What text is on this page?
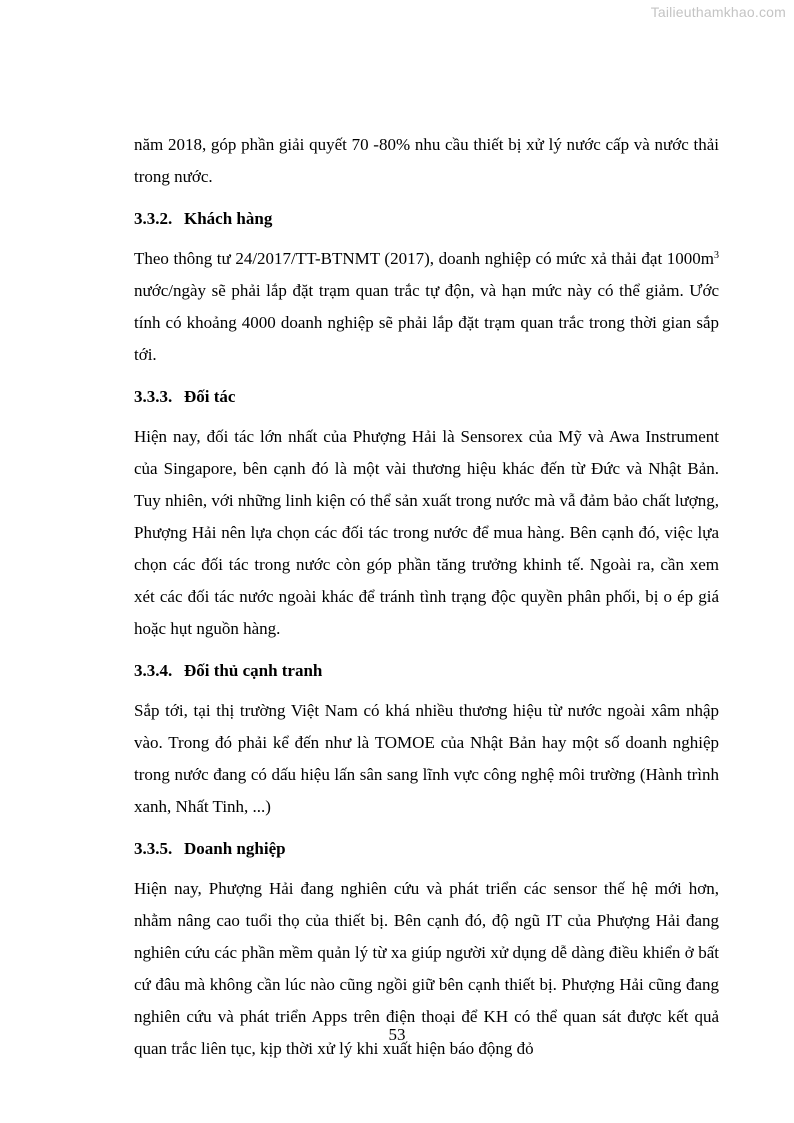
Tailieuthamkhao.com

năm 2018, góp phần giải quyết 70 -80% nhu cầu thiết bị xử lý nước cấp và nước thải trong nước.

3.3.2. Khách hàng

Theo thông tư 24/2017/TT-BTNMT (2017), doanh nghiệp có mức xả thải đạt $1000m^3$ nước/ngày sẽ phải lắp đặt trạm quan trắc tự độn, và hạn mức này có thể giảm. Ước tính có khoảng 4000 doanh nghiệp sẽ phải lắp đặt trạm quan trắc trong thời gian sắp tới.

3.3.3. Đối tác

Hiện nay, đối tác lớn nhất của Phượng Hải là Sensorex của Mỹ và Awa Instrument của Singapore, bên cạnh đó là một vài thương hiệu khác đến từ Đức và Nhật Bản. Tuy nhiên, với những linh kiện có thể sản xuất trong nước mà vẫ đảm bảo chất lượng, Phượng Hải nên lựa chọn các đối tác trong nước để mua hàng. Bên cạnh đó, việc lựa chọn các đối tác trong nước còn góp phần tăng trưởng khinh tế. Ngoài ra, cần xem xét các đối tác nước ngoài khác để tránh tình trạng độc quyền phân phối, bị o ép giá hoặc hụt nguồn hàng.

3.3.4. Đối thủ cạnh tranh

Sắp tới, tại thị trường Việt Nam có khá nhiều thương hiệu từ nước ngoài xâm nhập vào. Trong đó phải kể đến như là TOMOE của Nhật Bản hay một số doanh nghiệp trong nước đang có dấu hiệu lấn sân sang lĩnh vực công nghệ môi trường (Hành trình xanh, Nhất Tinh, ...)

3.3.5. Doanh nghiệp

Hiện nay, Phượng Hải đang nghiên cứu và phát triển các sensor thế hệ mới hơn, nhằm nâng cao tuổi thọ của thiết bị. Bên cạnh đó, độ ngũ IT của Phượng Hải đang nghiên cứu các phần mềm quản lý từ xa giúp người xử dụng dễ dàng điều khiển ở bất cứ đâu mà không cần lúc nào cũng ngồi giữ bên cạnh thiết bị. Phượng Hải cũng đang nghiên cứu và phát triển Apps trên điện thoại để KH có thể quan sát được kết quả quan trắc liên tục, kịp thời xử lý khi xuất hiện báo động đỏ

53
